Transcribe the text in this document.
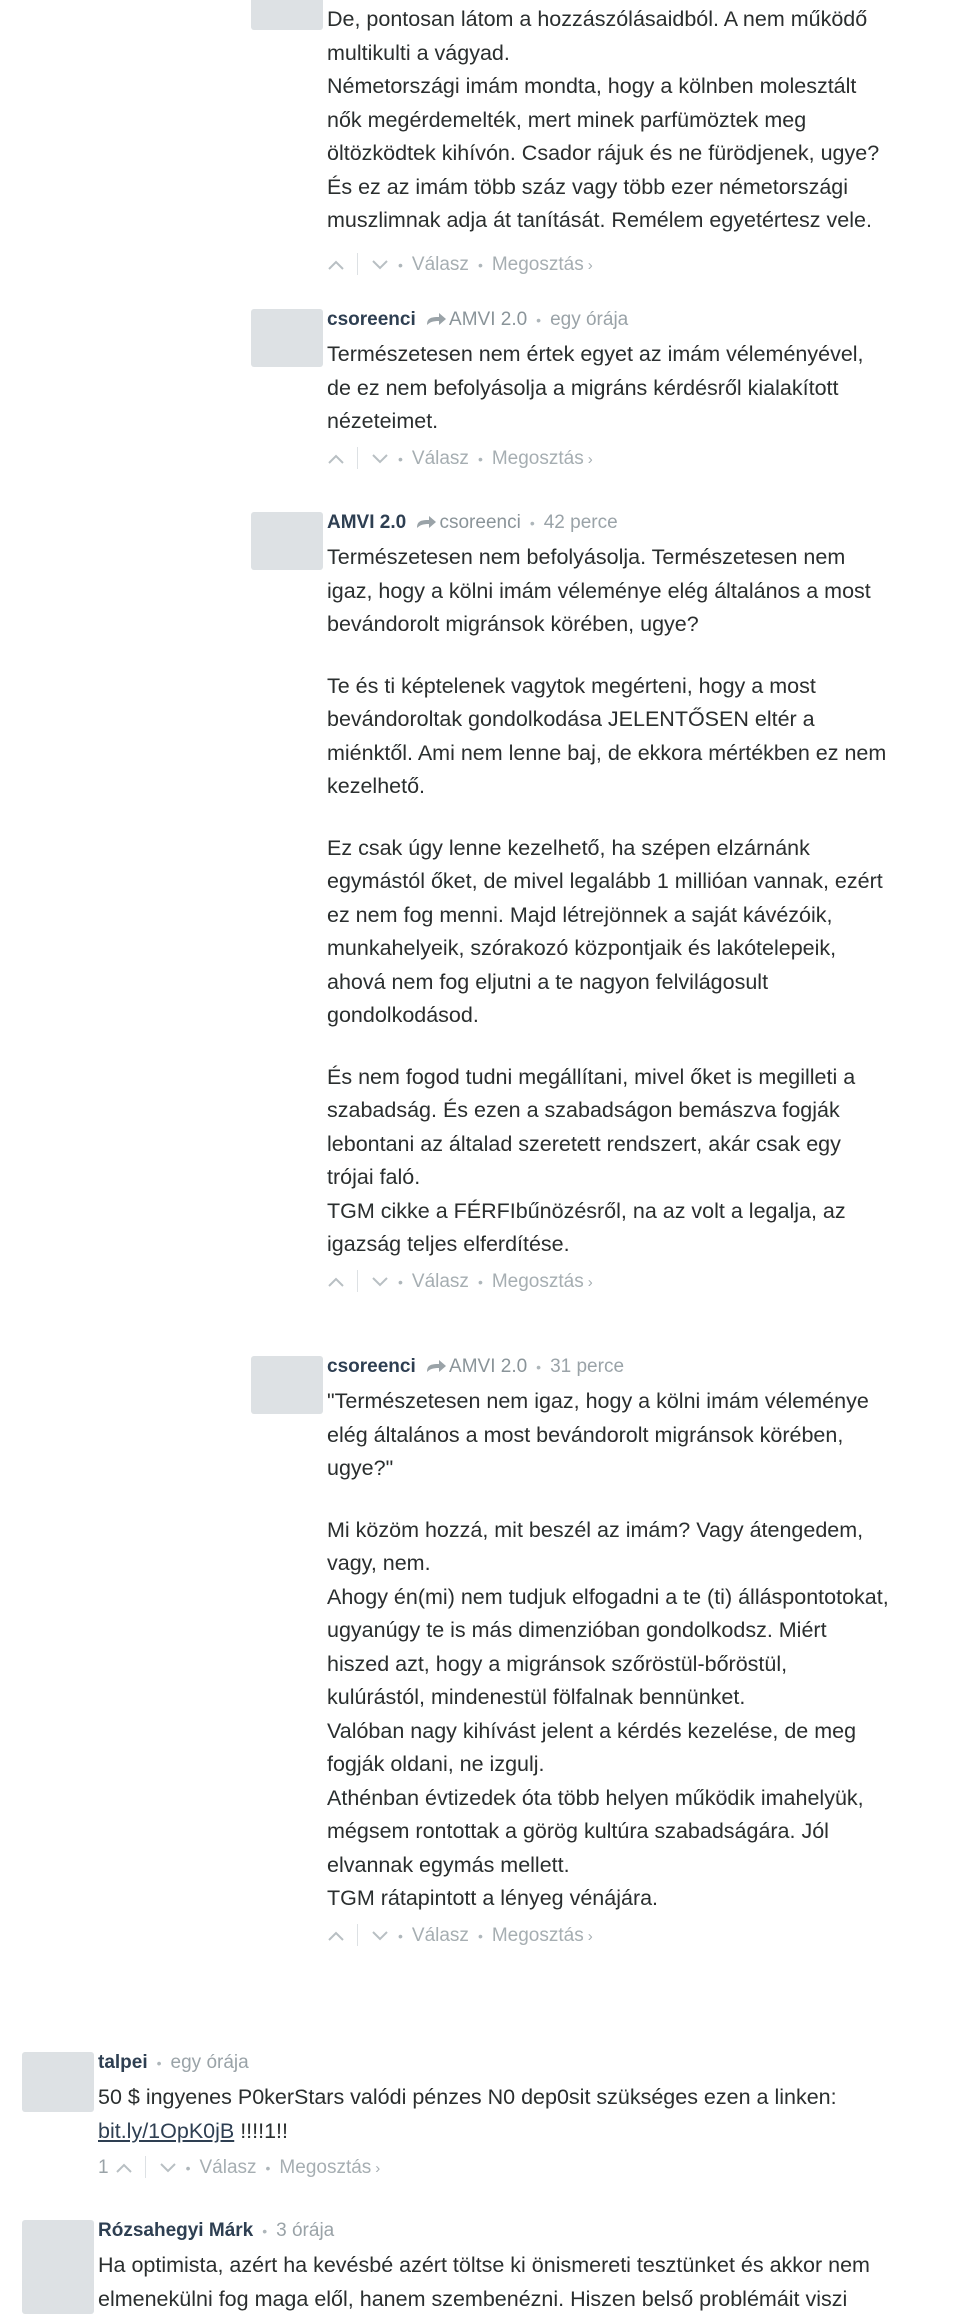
De, pontosan látom a hozzászólásaidból. A nem működő multikulti a vágyad.
Németországi imám mondta, hogy a kölnben molesztált nők megérdemelték, mert minek parfümöztek meg öltözködtek kihívón. Csador rájuk és ne fürödjenek, ugye?
És ez az imám több száz vagy több ezer németországi muszlimnak adja át tanítását. Remélem egyetértesz vele.

• Válasz • Megosztás ›
csoreenci AMVI 2.0 • egy órája

Természetesen nem értek egyet az imám véleményével, de ez nem befolyásolja a migráns kérdésről kialakított nézeteimet.

• Válasz • Megosztás ›
AMVI 2.0 csoreenci • 42 perce

Természetesen nem befolyásolja. Természetesen nem igaz, hogy a kölni imám véleménye elég általános a most bevándorolt migránsok körében, ugye?

Te és ti képtelenek vagytok megérteni, hogy a most bevándoroltak gondolkodása JELENTŐSEN eltér a miénktől. Ami nem lenne baj, de ekkora mértékben ez nem kezelhető.

Ez csak úgy lenne kezelhető, ha szépen elzárnánk egymástól őket, de mivel legalább 1 millióan vannak, ezért ez nem fog menni. Majd létrejönnek a saját kávézóik, munkahelyeik, szórakozó központjaik és lakótelepeik, ahová nem fog eljutni a te nagyon felvilágosult gondolkodásod.

És nem fogod tudni megállítani, mivel őket is megilleti a szabadság. És ezen a szabadságon bemászva fogják lebontani az általad szeretett rendszert, akár csak egy trójai faló.
TGM cikke a FÉRFIbűnözésről, na az volt a legalja, az igazság teljes elferdítése.

• Válasz • Megosztás ›
csoreenci AMVI 2.0 • 31 perce

"Természetesen nem igaz, hogy a kölni imám véleménye elég általános a most bevándorolt migránsok körében, ugye?"

Mi közöm hozzá, mit beszél az imám? Vagy átengedem, vagy, nem.
Ahogy én(mi) nem tudjuk elfogadni a te (ti) álláspontotokat, ugyanúgy te is más dimenzióban gondolkodsz. Miért hiszed azt, hogy a migránsok szőröstül-bőröstül, kulúrástól, mindenestül fölfalnak bennünket.
Valóban nagy kihívást jelent a kérdés kezelése, de meg fogják oldani, ne izgulj.
Athénban évtizedek óta több helyen működik imahelyük,
mégsem rontottak a görög kultúra szabadságára. Jól elvannak egymás mellett.
TGM rátapintott a lényeg vénájára.

• Válasz • Megosztás ›
talpei • egy órája

50 $ ingyenes P0kerStars valódi pénzes N0 dep0sit szükséges ezen a linken: bit.ly/1OpK0jB !!!!1!!

1	• Válasz • Megosztás ›
Rózsahegyi Márk • 3 órája

Ha optimista, azért ha kevésbé azért töltse ki önismereti tesztünket és akkor nem elmenekülni fog maga elől, hanem szembenézni. Hiszen belső problémáit viszi
